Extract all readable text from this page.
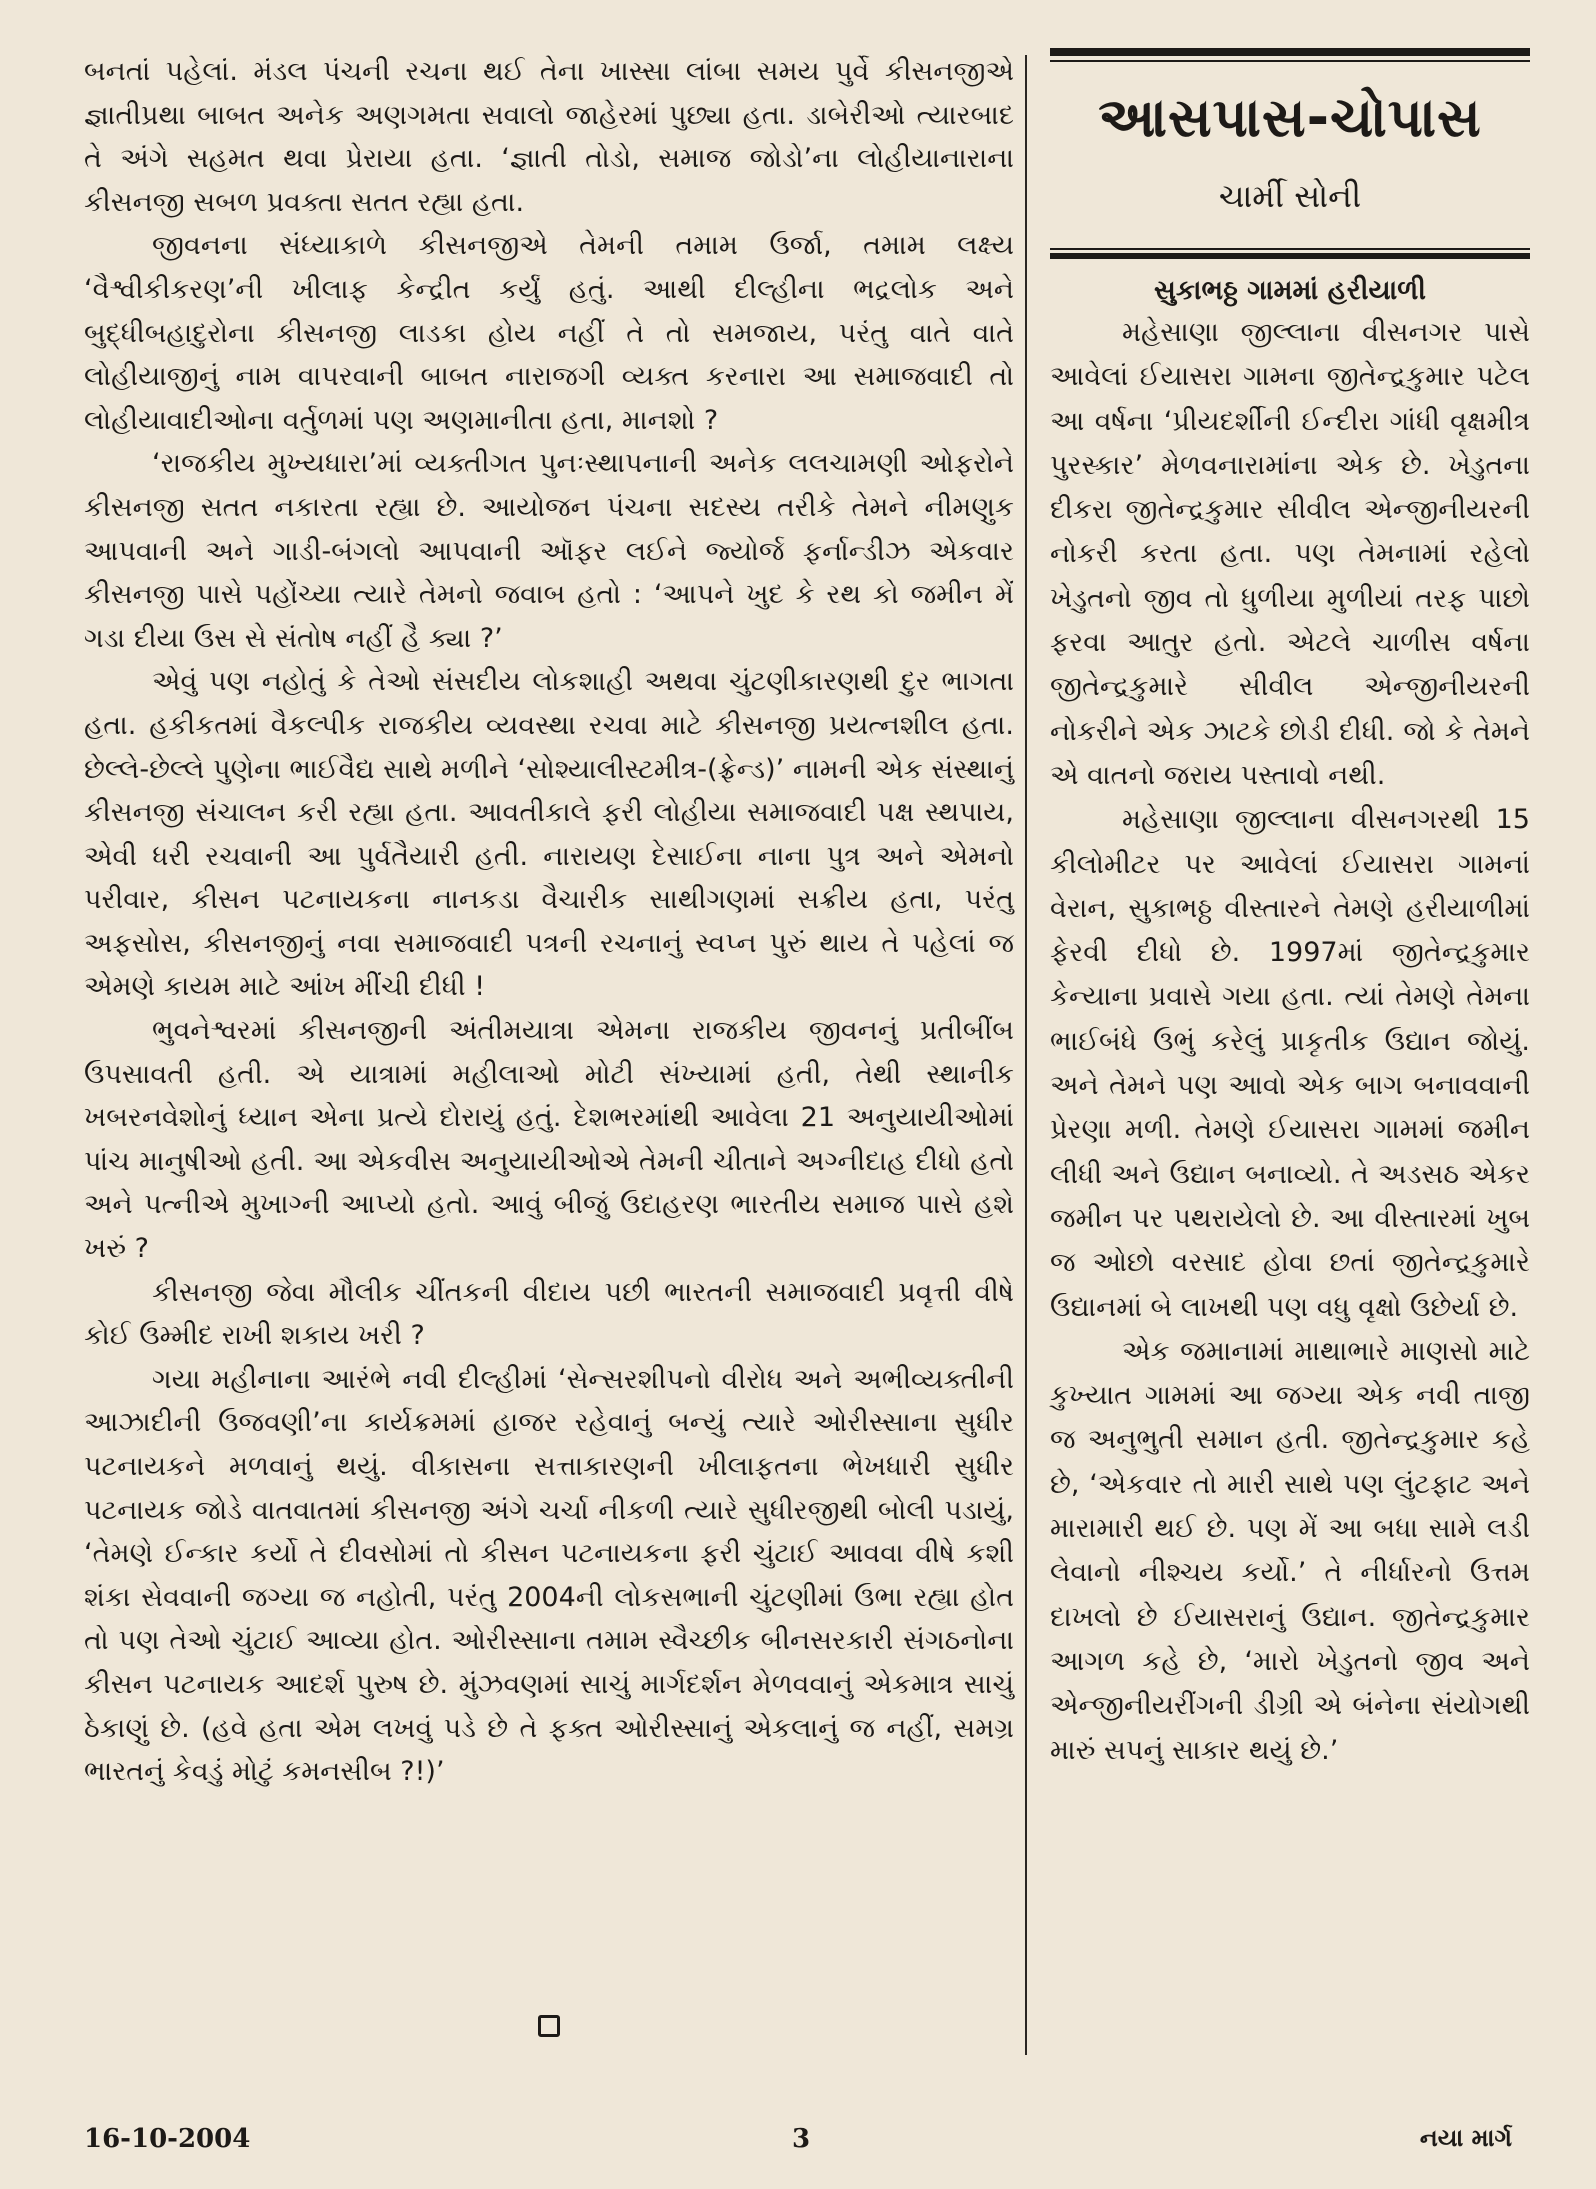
બનતાં પહેલાં. મંડલ પંચની રચના થઈ તેના ખાસ્સા લાંબા સમય પુર્વે કીસનજીએ જ્ઞાતીપ્રથા બાબત અનેક અણગમતા સવાલો જાહેરમાં પુછ્યા હતા. ડાબેરીઓ ત્યારબાદ તે અંગે સહમત થવા પ્રેરાયા હતા. ‘જ્ઞાતી તોડો, સમાજ જોડો’ના લોહીયાનારાના કીસનજી સબળ પ્રવક્તા સતત રહ્યા હતા.

જીવનના સંધ્યાકાળે કીસનજીએ તેમની તમામ ઉર્જા, તમામ લક્ષ્ય ‘વૈશ્વીકીકરણ’ની ખીલાફ કેન્દ્રીત કર્યું હતું. આથી દીલ્હીના ભદ્રલોક અને બુદ્ધીબહાદુરોના કીસનજી લાડકા હોય નહીં તે તો સમજાય, પરંતુ વાતે વાતે લોહીયાજીનું નામ વાપરવાની બાબત નારાજગી વ્યક્ત કરનારા આ સમાજવાદી તો લોહીયાવાદીઓના વર્તુળમાં પણ અણમાનીતા હતા, માનશો ?

‘રાજકીય મુખ્યધારા’માં વ્યક્તીગત પુનઃસ્થાપનાની અનેક લલચામણી ઓફરોને કીસનજી સતત નકારતા રહ્યા છે. આયોજન પંચના સદસ્ય તરીકે તેમને નીમણુક આપવાની અને ગાડી-બંગલો આપવાની ઑફર લઈને જ્યોર્જ ફર્નાન્ડીઝ એકવાર કીસનજી પાસે પહોંચ્યા ત્યારે તેમનો જવાબ હતો : ‘આપને ખુદ કે રથ કો જમીન મેં ગડા દીયા ઉસ સે સંતોષ નહીં હૈ ક્યા ?’

એવું પણ નહોતું કે તેઓ સંસદીય લોકશાહી અથવા ચુંટણીકારણથી દુર ભાગતા હતા. હકીકતમાં વૈકલ્પીક રાજકીય વ્યવસ્થા રચવા માટે કીસનજી પ્રયત્નશીલ હતા. છેલ્લે-છેલ્લે પુણેના ભાઈવૈદ્ય સાથે મળીને ‘સોશ્યાલીસ્ટમીત્ર-(ફ્રેન્ડ)’ નામની એક સંસ્થાનું કીસનજી સંચાલન કરી રહ્યા હતા. આવતીકાલે ફરી લોહીયા સમાજવાદી પક્ષ સ્થપાય, એવી ધરી રચવાની આ પુર્વતૈયારી હતી. નારાયણ દેસાઈના નાના પુત્ર અને એમનો પરીવાર, કીસન પટનાયકના નાનકડા વૈચારીક સાથીગણમાં સક્રીય હતા, પરંતુ અફસોસ, કીસનજીનું નવા સમાજવાદી પત્રની રચનાનું સ્વપ્ન પુરું થાય તે પહેલાં જ એમણે કાયમ માટે આંખ મીંચી દીધી !

ભુવનેશ્વરમાં કીસનજીની અંતીમયાત્રા એમના રાજકીય જીવનનું પ્રતીબીંબ ઉપસાવતી હતી. એ યાત્રામાં મહીલાઓ મોટી સંખ્યામાં હતી, તેથી સ્થાનીક ખબરનવેશોનું ધ્યાન એના પ્રત્યે દોરાયું હતું. દેશભરમાંથી આવેલા 21 અનુયાયીઓમાં પાંચ માનુષીઓ હતી. આ એકવીસ અનુયાયીઓએ તેમની ચીતાને અગ્નીદાહ દીધો હતો અને પત્નીએ મુખાગ્ની આપ્યો હતો. આવું બીજું ઉદાહરણ ભારતીય સમાજ પાસે હશે ખરું ?

કીસનજી જેવા મૌલીક ચીંતકની વીદાય પછી ભારતની સમાજવાદી પ્રવૃત્તી વીષે કોઈ ઉમ્મીદ રાખી શકાય ખરી ?

ગયા મહીનાના આરંભે નવી દીલ્હીમાં ‘સેન્સરશીપનો વીરોધ અને અભીવ્યક્તીની આઝાદીની ઉજવણી’ના કાર્યક્રમમાં હાજર રહેવાનું બન્યું ત્યારે ઓરીસ્સાના સુધીર પટનાયકને મળવાનું થયું. વીકાસના સત્તાકારણની ખીલાફતના ભેખધારી સુધીર પટનાયક જોડે વાતવાતમાં કીસનજી અંગે ચર્ચા નીકળી ત્યારે સુધીરજીથી બોલી પડાયું, ‘તેમણે ઈન્કાર કર્યો તે દીવસોમાં તો કીસન પટનાયકના ફરી ચુંટાઈ આવવા વીષે કશી શંકા સેવવાની જગ્યા જ નહોતી, પરંતુ 2004ની લોકસભાની ચુંટણીમાં ઉભા રહ્યા હોત તો પણ તેઓ ચુંટાઈ આવ્યા હોત. ઓરીસ્સાના તમામ સ્વૈચ્છીક બીનસરકારી સંગઠનોના કીસન પટનાયક આદર્શ પુરુષ છે. મુંઝવણમાં સાચું માર્ગદર્શન મેળવવાનું એકમાત્ર સાચું ઠેકાણું છે. (હવે હતા એમ લખવું પડે છે તે ફક્ત ઓરીસ્સાનું એકલાનું જ નહીં, સમગ્ર ભારતનું કેવડું મોટું કમનસીબ ?!)’

આસપાસ-ચોપાસ
ચાર્મી સોની
સુકાભઠ્ઠ ગામમાં હરીયાળી

મહેસાણા જીલ્લાના વીસનગર પાસે આવેલાં ઈયાસરા ગામના જીતેન્દ્રકુમાર પટેલ આ વર્ષના ‘પ્રીયદર્શીની ઈન્દીરા ગાંધી વૃક્ષમીત્ર પુરસ્કાર’ મેળવનારામાંના એક છે. ખેડુતના દીકરા જીતેન્દ્રકુમાર સીવીલ એન્જીનીયરની નોકરી કરતા હતા. પણ તેમનામાં રહેલો ખેડુતનો જીવ તો ધુળીયા મુળીયાં તરફ પાછો ફરવા આતુર હતો. એટલે ચાળીસ વર્ષના જીતેન્દ્રકુમારે સીવીલ એન્જીનીયરની નોકરીને એક ઝાટકે છોડી દીધી. જો કે તેમને એ વાતનો જરાય પસ્તાવો નથી.

મહેસાણા જીલ્લાના વીસનગરથી 15 કીલોમીટર પર આવેલાં ઈયાસરા ગામનાં વેરાન, સુકાભઠ્ઠ વીસ્તારને તેમણે હરીયાળીમાં ફેરવી દીધો છે. 1997માં જીતેન્દ્રકુમાર કેન્યાના પ્રવાસે ગયા હતા. ત્યાં તેમણે તેમના ભાઈબંધે ઉભું કરેલું પ્રાકૃતીક ઉદ્યાન જોયું. અને તેમને પણ આવો એક બાગ બનાવવાની પ્રેરણા મળી. તેમણે ઈયાસરા ગામમાં જમીન લીધી અને ઉદ્યાન બનાવ્યો. તે અડસઠ એકર જમીન પર પથરાયેલો છે. આ વીસ્તારમાં ખુબ જ ઓછો વરસાદ હોવા છતાં જીતેન્દ્રકુમારે ઉદ્યાનમાં બે લાખથી પણ વધુ વૃક્ષો ઉછેર્યા છે.

એક જમાનામાં માથાભારે માણસો માટે કુખ્યાત ગામમાં આ જગ્યા એક નવી તાજી જ અનુભુતી સમાન હતી. જીતેન્દ્રકુમાર કહે છે, ‘એકવાર તો મારી સાથે પણ લુંટફાટ અને મારામારી થઈ છે. પણ મેં આ બધા સામે લડી લેવાનો નીશ્ચય કર્યો.’ તે નીર્ધારનો ઉત્તમ દાખલો છે ઈયાસરાનું ઉદ્યાન. જીતેન્દ્રકુમાર આગળ કહે છે, ‘મારો ખેડુતનો જીવ અને એન્જીનીયરીંગની ડીગ્રી એ બંનેના સંયોગથી મારું સપનું સાકાર થયું છે.’

16-10-2004	3	નયા માર્ગ
